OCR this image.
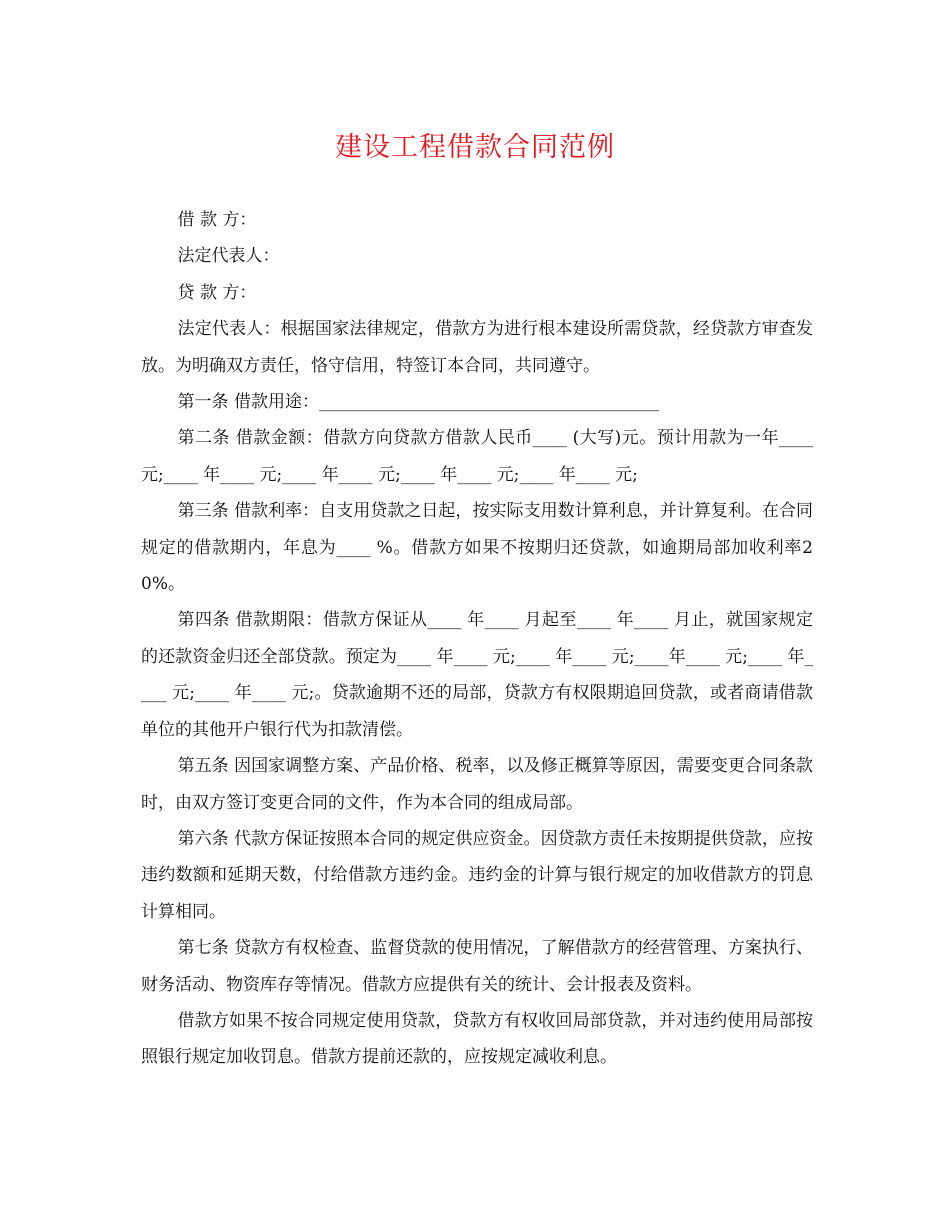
建设工程借款合同范例

借 款 方：

法定代表人：

贷 款 方：

法定代表人：根据国家法律规定，借款方为进行根本建设所需贷款，经贷款方审查发放。为明确双方责任，恪守信用，特签订本合同，共同遵守。

第一条 借款用途：________________________________________

第二条 借款金额：借款方向贷款方借款人民币____ (大写)元。预计用款为一年____ 元;____ 年____ 元;____ 年____ 元;____ 年____ 元;____ 年____ 元;

第三条 借款利率：自支用贷款之日起，按实际支用数计算利息，并计算复利。在合同规定的借款期内，年息为____ %。借款方如果不按期归还贷款，如逾期局部加收利率20%。

第四条 借款期限：借款方保证从____ 年____ 月起至____ 年____ 月止，就国家规定的还款资金归还全部贷款。预定为____ 年____ 元;____ 年____ 元;____年____ 元;____ 年____ 元;____ 年____ 元;。贷款逾期不还的局部，贷款方有权限期追回贷款，或者商请借款单位的其他开户银行代为扣款清偿。

第五条 因国家调整方案、产品价格、税率，以及修正概算等原因，需要变更合同条款时，由双方签订变更合同的文件，作为本合同的组成局部。

第六条 代款方保证按照本合同的规定供应资金。因贷款方责任未按期提供贷款，应按违约数额和延期天数，付给借款方违约金。违约金的计算与银行规定的加收借款方的罚息计算相同。

第七条 贷款方有权检查、监督贷款的使用情况，了解借款方的经营管理、方案执行、财务活动、物资库存等情况。借款方应提供有关的统计、会计报表及资料。

借款方如果不按合同规定使用贷款，贷款方有权收回局部贷款，并对违约使用局部按照银行规定加收罚息。借款方提前还款的，应按规定减收利息。
